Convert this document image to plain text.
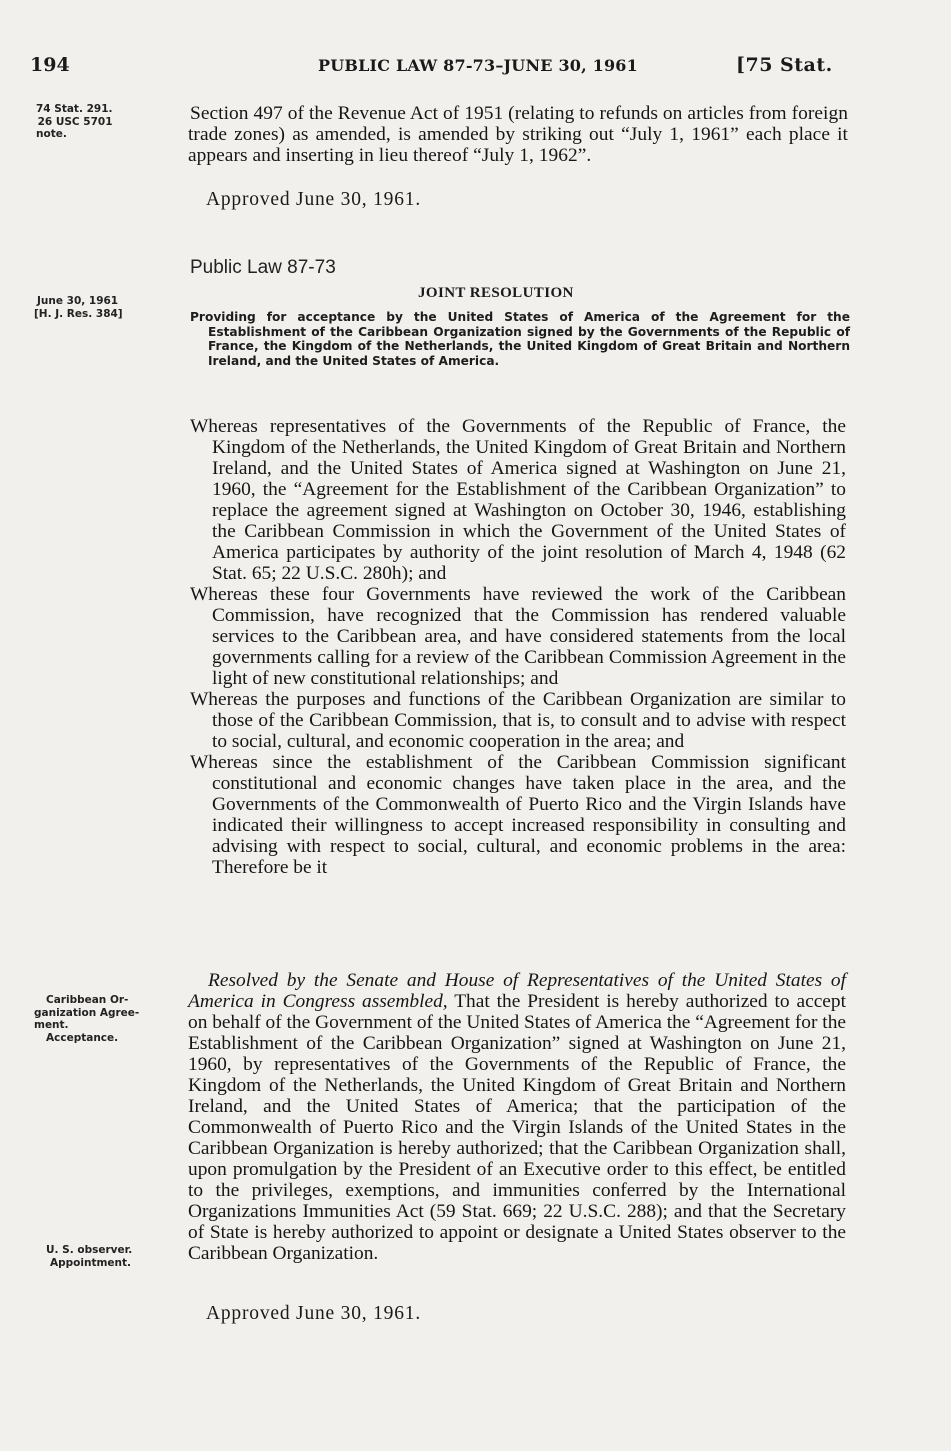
194	PUBLIC LAW 87-73–JUNE 30, 1961	[75 Stat.
74 Stat. 291.
26 USC 5701
note.
June 30, 1961
[H. J. Res. 384]
Caribbean Or-
ganization Agree-
ment.
Acceptance.
U. S. observer.
Appointment.
Section 497 of the Revenue Act of 1951 (relating to refunds on articles from foreign trade zones) as amended, is amended by striking out “July 1, 1961” each place it appears and inserting in lieu thereof “July 1, 1962”.
Approved June 30, 1961.
Public Law 87-73
JOINT RESOLUTION
Providing for acceptance by the United States of America of the Agreement for the Establishment of the Caribbean Organization signed by the Governments of the Republic of France, the Kingdom of the Netherlands, the United Kingdom of Great Britain and Northern Ireland, and the United States of America.

Whereas representatives of the Governments of the Republic of France, the Kingdom of the Netherlands, the United Kingdom of Great Britain and Northern Ireland, and the United States of America signed at Washington on June 21, 1960, the “Agreement for the Establishment of the Caribbean Organization” to replace the agreement signed at Washington on October 30, 1946, establishing the Caribbean Commission in which the Government of the United States of America participates by authority of the joint resolution of March 4, 1948 (62 Stat. 65; 22 U.S.C. 280h); and

Whereas these four Governments have reviewed the work of the Caribbean Commission, have recognized that the Commission has rendered valuable services to the Caribbean area, and have considered statements from the local governments calling for a review of the Caribbean Commission Agreement in the light of new constitutional relationships; and

Whereas the purposes and functions of the Caribbean Organization are similar to those of the Caribbean Commission, that is, to consult and to advise with respect to social, cultural, and economic cooperation in the area; and

Whereas since the establishment of the Caribbean Commission significant constitutional and economic changes have taken place in the area, and the Governments of the Commonwealth of Puerto Rico and the Virgin Islands have indicated their willingness to accept increased responsibility in consulting and advising with respect to social, cultural, and economic problems in the area: Therefore be it

Resolved by the Senate and House of Representatives of the United States of America in Congress assembled, That the President is hereby authorized to accept on behalf of the Government of the United States of America the “Agreement for the Establishment of the Caribbean Organization” signed at Washington on June 21, 1960, by representatives of the Governments of the Republic of France, the Kingdom of the Netherlands, the United Kingdom of Great Britain and Northern Ireland, and the United States of America; that the participation of the Commonwealth of Puerto Rico and the Virgin Islands of the United States in the Caribbean Organization is hereby authorized; that the Caribbean Organization shall, upon promulgation by the President of an Executive order to this effect, be entitled to the privileges, exemptions, and immunities conferred by the International Organizations Immunities Act (59 Stat. 669; 22 U.S.C. 288); and that the Secretary of State is hereby authorized to appoint or designate a United States observer to the Caribbean Organization.
Approved June 30, 1961.
